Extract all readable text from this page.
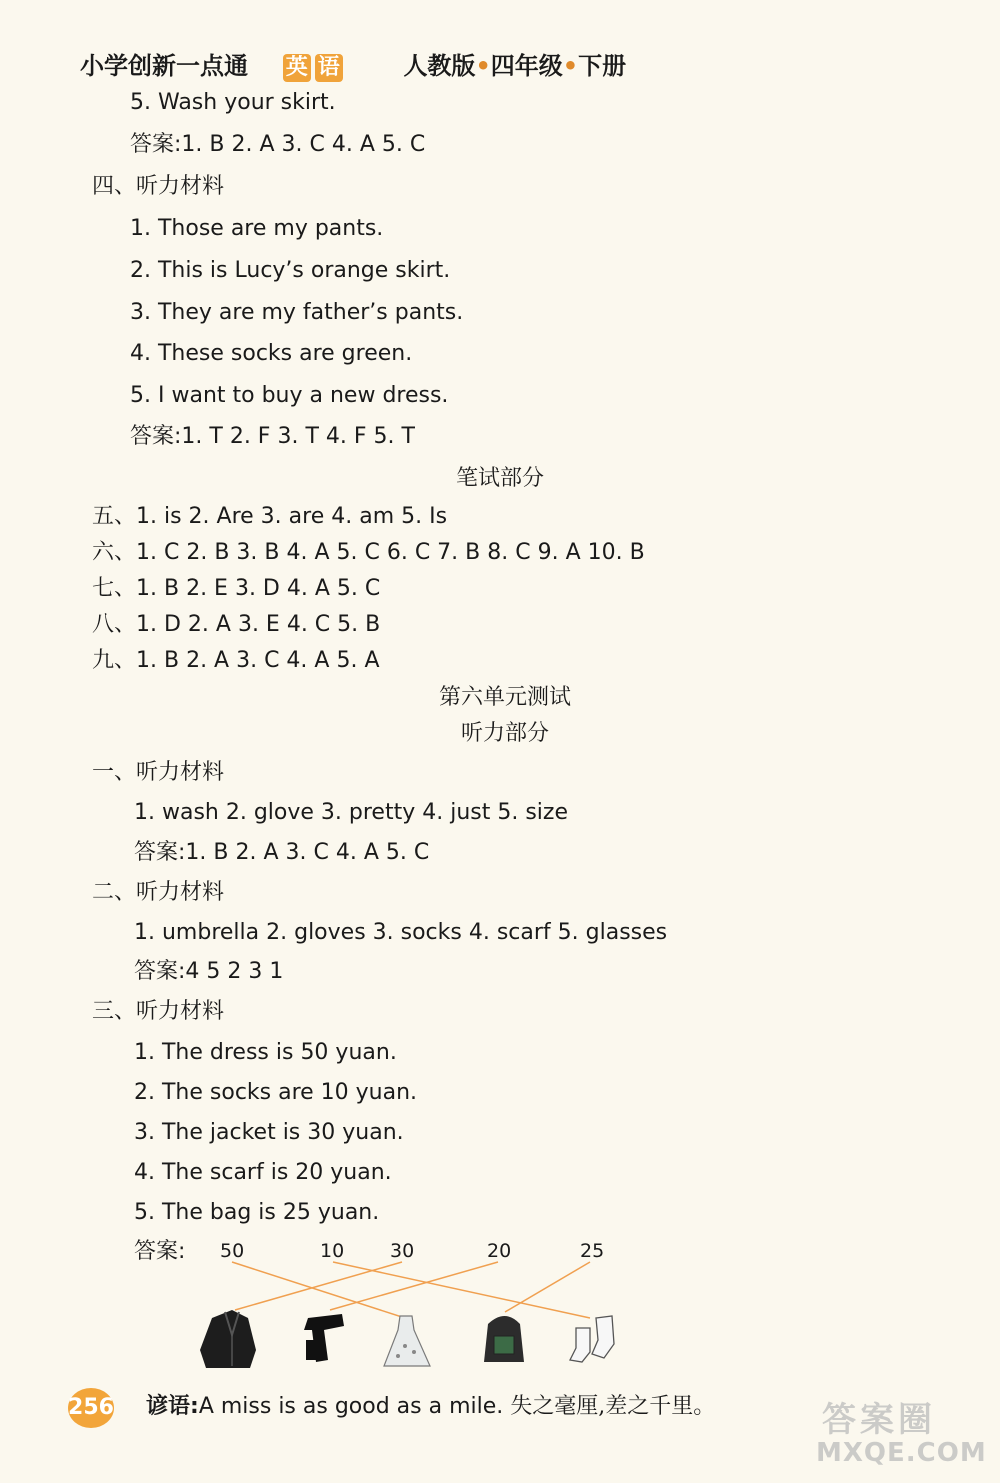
小学创新一点通 英 语	人教版•四年级•下册
5. Wash your skirt.
答案:1. B 2. A 3. C 4. A 5. C
四、听力材料
1. Those are my pants.
2. This is Lucy’s orange skirt.
3. They are my father’s pants.
4. These socks are green.
5. I want to buy a new dress.
答案:1. T 2. F 3. T 4. F 5. T
笔试部分
五、1. is 2. Are 3. are 4. am 5. Is
六、1. C 2. B 3. B 4. A 5. C 6. C 7. B 8. C 9. A 10. B
七、1. B 2. E 3. D 4. A 5. C
八、1. D 2. A 3. E 4. C 5. B
九、1. B 2. A 3. C 4. A 5. A
第六单元测试
听力部分
一、听力材料
1. wash 2. glove 3. pretty 4. just 5. size
答案:1. B 2. A 3. C 4. A 5. C
二、听力材料
1. umbrella 2. gloves 3. socks 4. scarf 5. glasses
答案:4 5 2 3 1
三、听力材料
1. The dress is 50 yuan.
2. The socks are 10 yuan.
3. The jacket is 30 yuan.
4. The scarf is 20 yuan.
5. The bag is 25 yuan.
答案: 50	10 30	20	25
256 谚语:A miss is as good as a mile. 失之毫厘,差之千里。	答案圈
MXQE.COM
